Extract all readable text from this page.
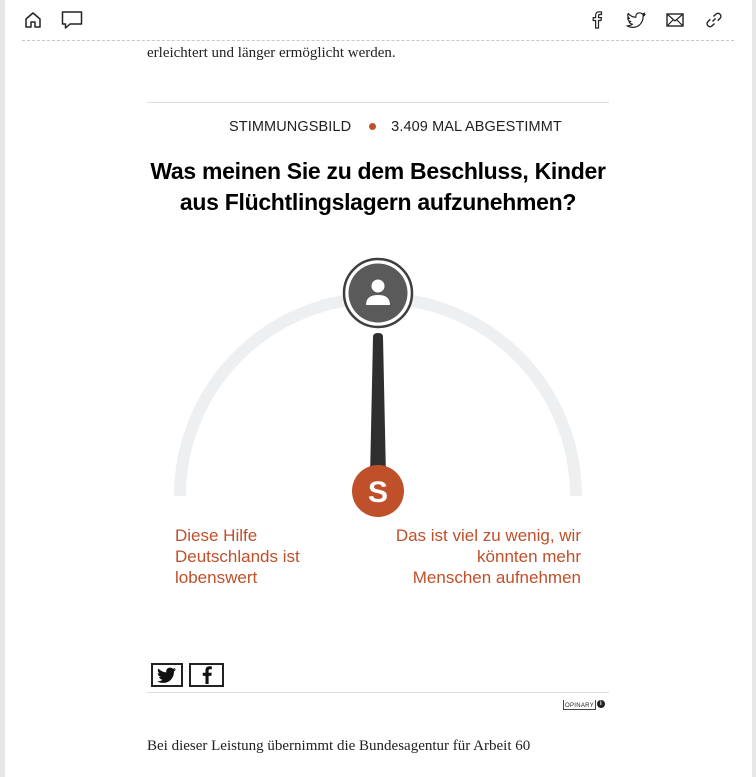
erleichtert und länger ermöglicht werden.
STIMMUNGSBILD	3.409 MAL ABGESTIMMT
Was meinen Sie zu dem Beschluss, Kinder aus Flüchtlingslagern aufzunehmen?
S
Diese Hilfe Deutschlands ist lobenswert
Das ist viel zu wenig, wir könnten mehr Menschen aufnehmen
OPINARY i
Bei dieser Leistung übernimmt die Bundesagentur für Arbeit 60
